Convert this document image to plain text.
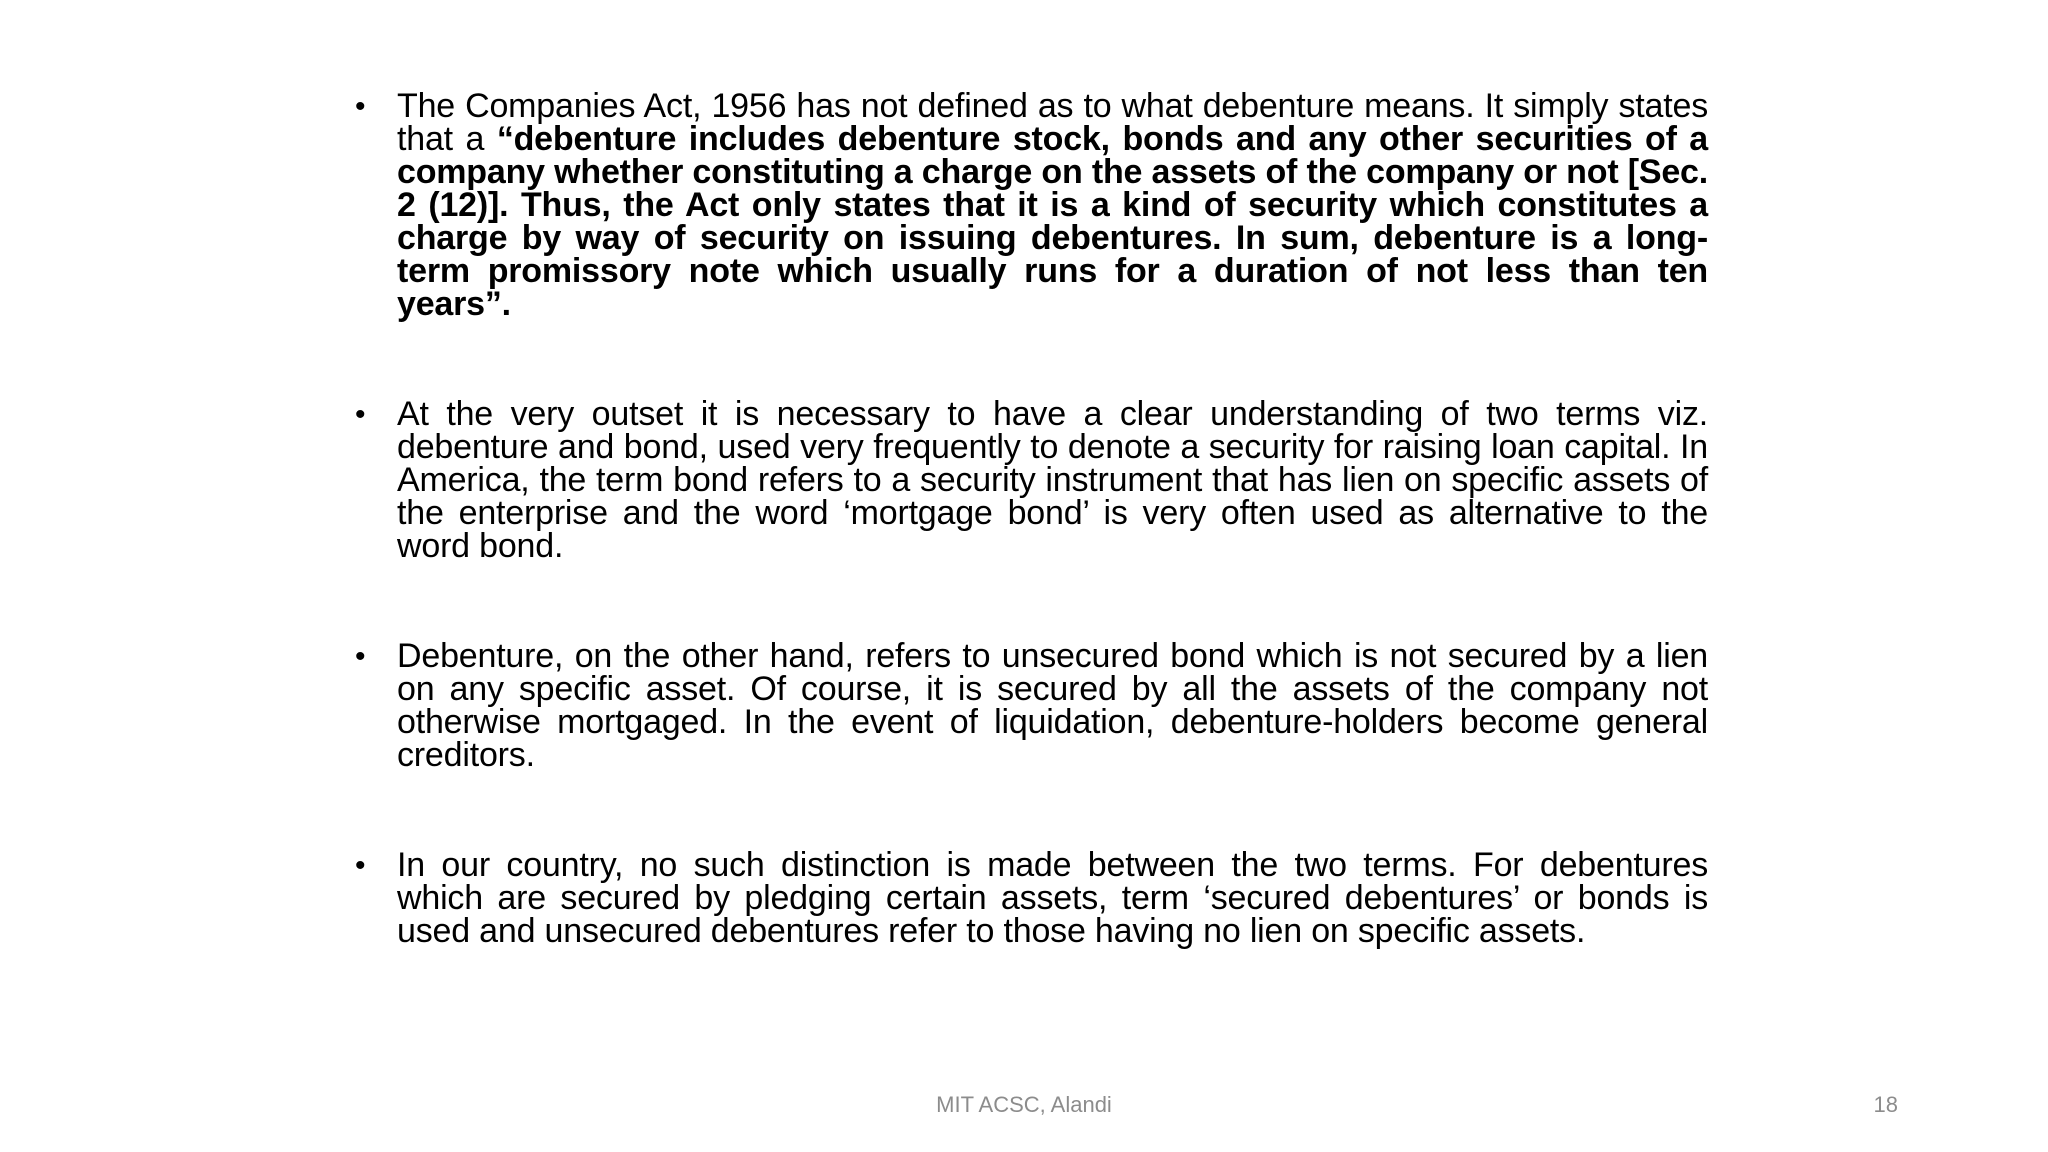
• The Companies Act, 1956 has not defined as to what debenture means. It simply states that a “debenture includes debenture stock, bonds and any other securities of a company whether constituting a charge on the assets of the company or not [Sec. 2 (12)]. Thus, the Act only states that it is a kind of security which constitutes a charge by way of security on issuing debentures. In sum, debenture is a long-term promissory note which usually runs for a duration of not less than ten years”.
• At the very outset it is necessary to have a clear understanding of two terms viz. debenture and bond, used very frequently to denote a security for raising loan capital. In America, the term bond refers to a security instrument that has lien on specific assets of the enterprise and the word ‘mortgage bond’ is very often used as alternative to the word bond.
• Debenture, on the other hand, refers to unsecured bond which is not secured by a lien on any specific asset. Of course, it is secured by all the assets of the company not otherwise mortgaged. In the event of liquidation, debenture-holders become general creditors.
• In our country, no such distinction is made between the two terms. For debentures which are secured by pledging certain assets, term ‘secured debentures’ or bonds is used and unsecured debentures refer to those having no lien on specific assets.
MIT ACSC, Alandi	18
